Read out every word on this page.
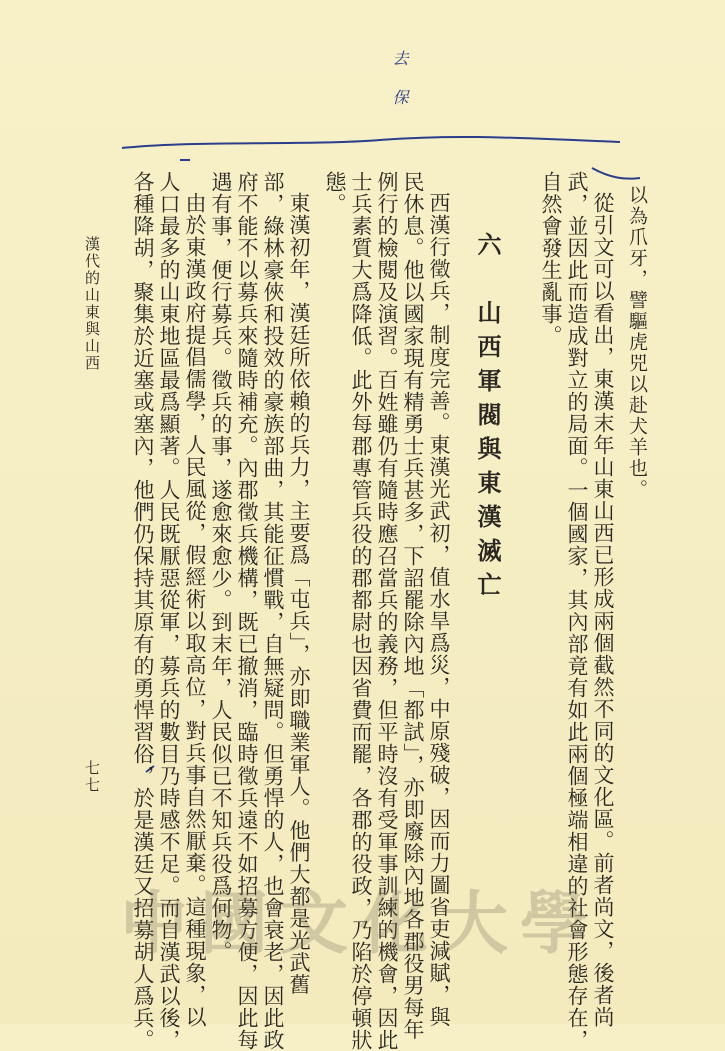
去 保

以為爪牙，譬驅虎兕以赴犬羊也。

從引文可以看出，東漢末年山東山西已形成兩個截然不同的文化區。前者尚文，後者尚

武，並因此而造成對立的局面。一個國家，其內部竟有如此兩個極端相違的社會形態存在，

自然會發生亂事。

六　山西軍閥與東漢滅亡

西漢行徵兵，制度完善。東漢光武初，值水旱爲災，中原殘破，因而力圖省吏減賦，與

民休息。他以國家現有精勇士兵甚多，下詔罷除內地「都試」，亦即廢除內地各郡役男每年

例行的檢閱及演習。百姓雖仍有隨時應召當兵的義務，但平時沒有受軍事訓練的機會，因此

士兵素質大爲降低。此外每郡專管兵役的郡都尉也因省費而罷，各郡的役政，乃陷於停頓狀

態。

東漢初年，漢廷所依賴的兵力，主要爲「屯兵」，亦即職業軍人。他們大都是光武舊

部，綠林豪俠和投效的豪族部曲，其能征慣戰，自無疑問。但勇悍的人，也會衰老，因此政

府不能不以募兵來隨時補充。內郡徵兵機構，既已撤消，臨時徵兵遠不如招募方便，因此每

遇有事，便行募兵。徵兵的事，遂愈來愈少。到末年，人民似已不知兵役爲何物。

由於東漢政府提倡儒學，人民風從，假經術以取高位，對兵事自然厭棄。這種現象，以

人口最多的山東地區最爲顯著。人民既厭惡從軍，募兵的數目乃時感不足。而自漢武以後，

各種降胡，聚集於近塞或塞內，他們仍保持其原有的勇悍習俗，於是漢廷又招募胡人爲兵。

漢代的山東與山西
七七
中國文化大學
